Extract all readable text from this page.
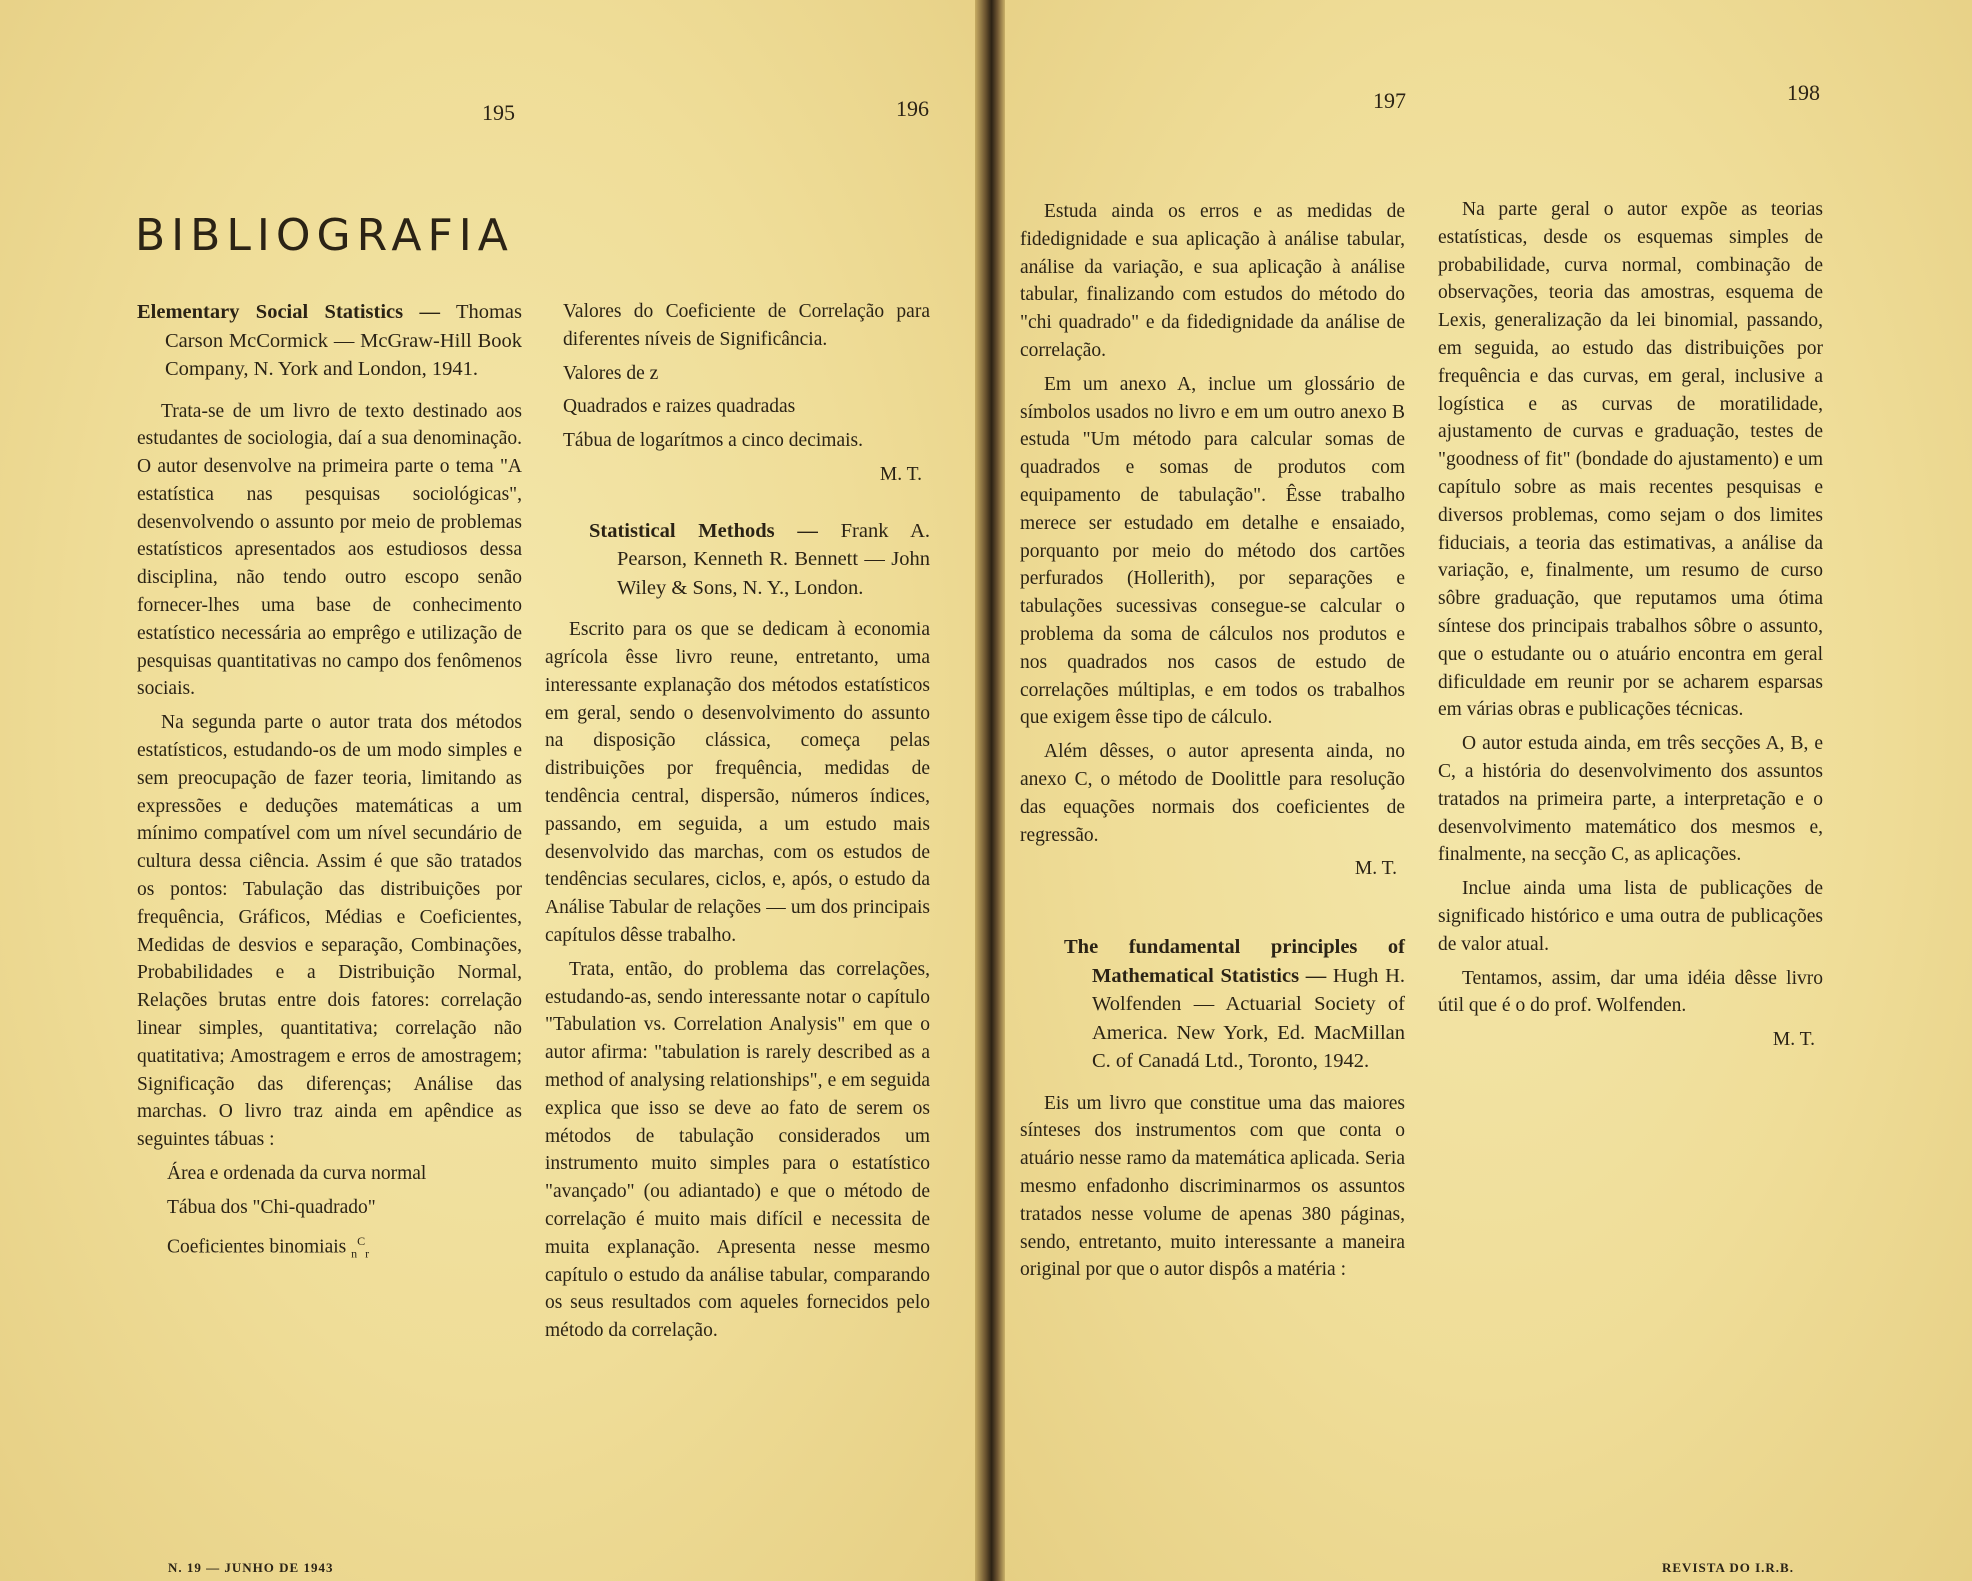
195	196
BIBLIOGRAFIA
Elementary Social Statistics — Thomas Carson McCormick — McGraw-Hill Book Company, N. York and London, 1941.

Trata-se de um livro de texto destinado aos estudantes de sociologia, daí a sua denominação. O autor desenvolve na primeira parte o tema "A estatística nas pesquisas sociológicas", desenvolvendo o assunto por meio de problemas estatísticos apresentados aos estudiosos dessa disciplina, não tendo outro escopo senão fornecer-lhes uma base de conhecimento estatístico necessária ao emprêgo e utilização de pesquisas quantitativas no campo dos fenômenos sociais.

Na segunda parte o autor trata dos métodos estatísticos, estudando-os de um modo simples e sem preocupação de fazer teoria, limitando as expressões e deduções matemáticas a um mínimo compatível com um nível secundário de cultura dessa ciência. Assim é que são tratados os pontos: Tabulação das distribuições por frequência, Gráficos, Médias e Coeficientes, Medidas de desvios e separação, Combinações, Probabilidades e a Distribuição Normal, Relações brutas entre dois fatores: correlação linear simples, quantitativa; correlação não quatitativa; Amostragem e erros de amostragem; Significação das diferenças; Análise das marchas. O livro traz ainda em apêndice as seguintes tábuas :

Área e ordenada da curva normal
Tábua dos "Chi-quadrado"
Coeficientes binomiais $_n^C_r$
Valores do Coeficiente de Correlação para diferentes níveis de Significância.
Valores de z
Quadrados e raizes quadradas
Tábua de logarítmos a cinco decimais.
M. T.
Statistical Methods — Frank A. Pearson, Kenneth R. Bennett — John Wiley & Sons, N. Y., London.

Escrito para os que se dedicam à economia agrícola êsse livro reune, entretanto, uma interessante explanação dos métodos estatísticos em geral, sendo o desenvolvimento do assunto na disposição clássica, começa pelas distribuições por frequência, medidas de tendência central, dispersão, números índices, passando, em seguida, a um estudo mais desenvolvido das marchas, com os estudos de tendências seculares, ciclos, e, após, o estudo da Análise Tabular de relações — um dos principais capítulos dêsse trabalho.

Trata, então, do problema das correlações, estudando-as, sendo interessante notar o capítulo "Tabulation vs. Correlation Analysis" em que o autor afirma: "tabulation is rarely described as a method of analysing relationships", e em seguida explica que isso se deve ao fato de serem os métodos de tabulação considerados um instrumento muito simples para o estatístico "avançado" (ou adiantado) e que o método de correlação é muito mais difícil e necessita de muita explanação. Apresenta nesse mesmo capítulo o estudo da análise tabular, comparando os seus resultados com aqueles fornecidos pelo método da correlação.

N. 19 — JUNHO DE 1943
197	198

Estuda ainda os erros e as medidas de fidedignidade e sua aplicação à análise tabular, análise da variação, e sua aplicação à análise tabular, finalizando com estudos do método do "chi quadrado" e da fidedignidade da análise de correlação.

Em um anexo A, inclue um glossário de símbolos usados no livro e em um outro anexo B estuda "Um método para calcular somas de quadrados e somas de produtos com equipamento de tabulação". Êsse trabalho merece ser estudado em detalhe e ensaiado, porquanto por meio do método dos cartões perfurados (Hollerith), por separações e tabulações sucessivas consegue-se calcular o problema da soma de cálculos nos produtos e nos quadrados nos casos de estudo de correlações múltiplas, e em todos os trabalhos que exigem êsse tipo de cálculo.

Além dêsses, o autor apresenta ainda, no anexo C, o método de Doolittle para resolução das equações normais dos coeficientes de regressão.

M. T.
The fundamental principles of Mathematical Statistics — Hugh H. Wolfenden — Actuarial Society of America. New York, Ed. MacMillan C. of Canadá Ltd., Toronto, 1942.

Eis um livro que constitue uma das maiores sínteses dos instrumentos com que conta o atuário nesse ramo da matemática aplicada. Seria mesmo enfadonho discriminarmos os assuntos tratados nesse volume de apenas 380 páginas, sendo, entretanto, muito interessante a maneira original por que o autor dispôs a matéria :

Na parte geral o autor expõe as teorias estatísticas, desde os esquemas simples de probabilidade, curva normal, combinação de observações, teoria das amostras, esquema de Lexis, generalização da lei binomial, passando, em seguida, ao estudo das distribuições por frequência e das curvas, em geral, inclusive a logística e as curvas de moratilidade, ajustamento de curvas e graduação, testes de "goodness of fit" (bondade do ajustamento) e um capítulo sobre as mais recentes pesquisas e diversos problemas, como sejam o dos limites fiduciais, a teoria das estimativas, a análise da variação, e, finalmente, um resumo de curso sôbre graduação, que reputamos uma ótima síntese dos principais trabalhos sôbre o assunto, que o estudante ou o atuário encontra em geral dificuldade em reunir por se acharem esparsas em várias obras e publicações técnicas.

O autor estuda ainda, em três secções A, B, e C, a história do desenvolvimento dos assuntos tratados na primeira parte, a interpretação e o desenvolvimento matemático dos mesmos e, finalmente, na secção C, as aplicações.

Inclue ainda uma lista de publicações de significado histórico e uma outra de publicações de valor atual.

Tentamos, assim, dar uma idéia dêsse livro útil que é o do prof. Wolfenden.

M. T.
REVISTA DO I.R.B.
